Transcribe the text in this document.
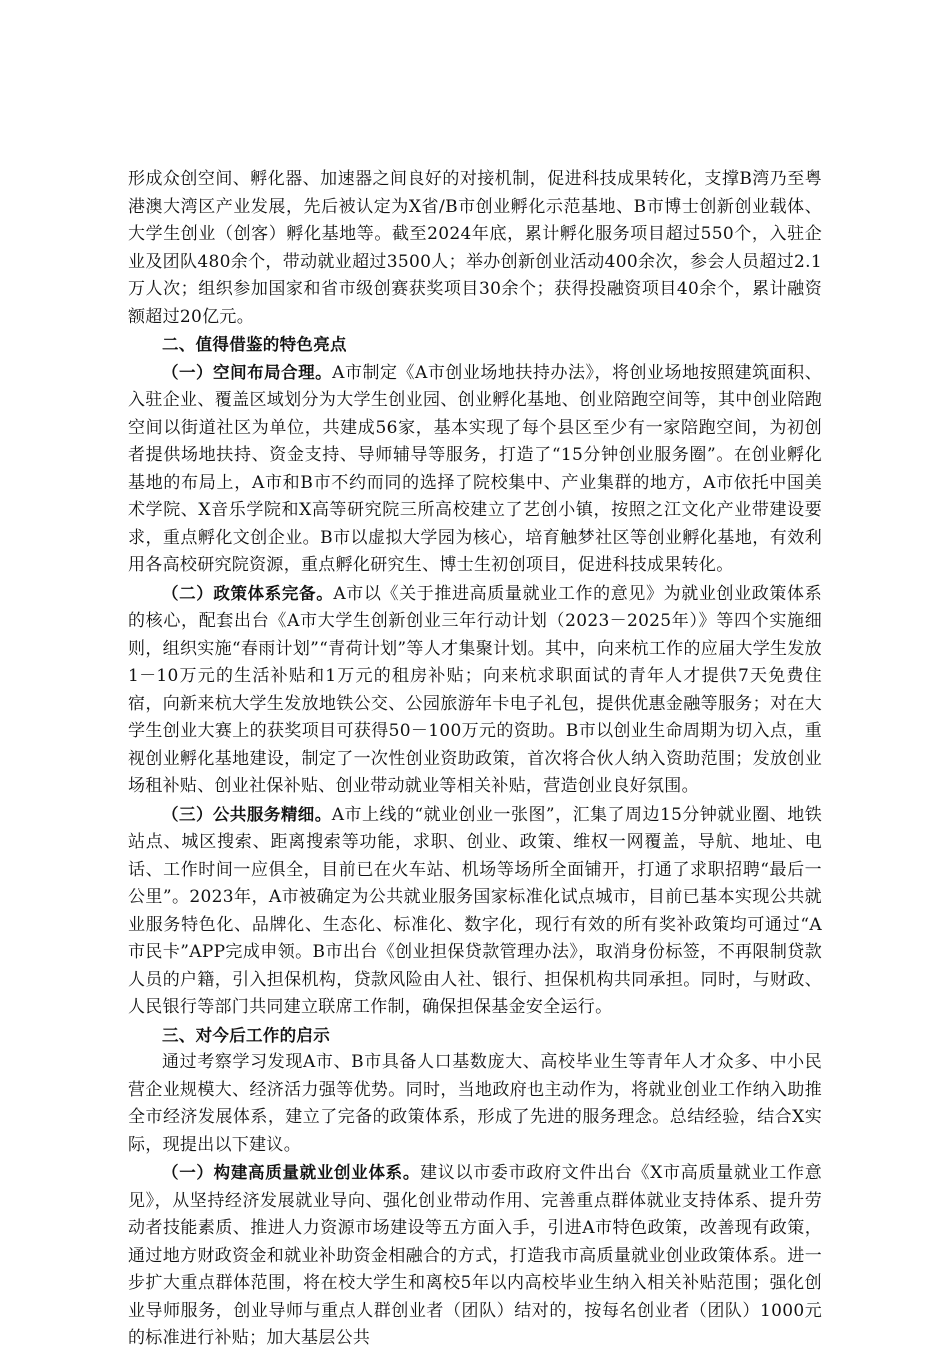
形成众创空间、孵化器、加速器之间良好的对接机制，促进科技成果转化，支撑B湾乃至粤港澳大湾区产业发展，先后被认定为X省/B市创业孵化示范基地、B市博士创新创业载体、大学生创业（创客）孵化基地等。截至2024年底，累计孵化服务项目超过550个，入驻企业及团队480余个，带动就业超过3500人；举办创新创业活动400余次，参会人员超过2.1万人次；组织参加国家和省市级创赛获奖项目30余个；获得投融资项目40余个，累计融资额超过20亿元。

二、值得借鉴的特色亮点

（一）空间布局合理。A市制定《A市创业场地扶持办法》，将创业场地按照建筑面积、入驻企业、覆盖区域划分为大学生创业园、创业孵化基地、创业陪跑空间等，其中创业陪跑空间以街道社区为单位，共建成56家，基本实现了每个县区至少有一家陪跑空间，为初创者提供场地扶持、资金支持、导师辅导等服务，打造了“15分钟创业服务圈”。在创业孵化基地的布局上，A市和B市不约而同的选择了院校集中、产业集群的地方，A市依托中国美术学院、X音乐学院和X高等研究院三所高校建立了艺创小镇，按照之江文化产业带建设要求，重点孵化文创企业。B市以虚拟大学园为核心，培育触梦社区等创业孵化基地，有效利用各高校研究院资源，重点孵化研究生、博士生初创项目，促进科技成果转化。

（二）政策体系完备。A市以《关于推进高质量就业工作的意见》为就业创业政策体系的核心，配套出台《A市大学生创新创业三年行动计划（2023－2025年）》等四个实施细则，组织实施“春雨计划”“青荷计划”等人才集聚计划。其中，向来杭工作的应届大学生发放1－10万元的生活补贴和1万元的租房补贴；向来杭求职面试的青年人才提供7天免费住宿，向新来杭大学生发放地铁公交、公园旅游年卡电子礼包，提供优惠金融等服务；对在大学生创业大赛上的获奖项目可获得50－100万元的资助。B市以创业生命周期为切入点，重视创业孵化基地建设，制定了一次性创业资助政策，首次将合伙人纳入资助范围；发放创业场租补贴、创业社保补贴、创业带动就业等相关补贴，营造创业良好氛围。

（三）公共服务精细。A市上线的“就业创业一张图”，汇集了周边15分钟就业圈、地铁站点、城区搜索、距离搜索等功能，求职、创业、政策、维权一网覆盖，导航、地址、电话、工作时间一应俱全，目前已在火车站、机场等场所全面铺开，打通了求职招聘“最后一公里”。2023年，A市被确定为公共就业服务国家标准化试点城市，目前已基本实现公共就业服务特色化、品牌化、生态化、标准化、数字化，现行有效的所有奖补政策均可通过“A市民卡”APP完成申领。B市出台《创业担保贷款管理办法》，取消身份标签，不再限制贷款人员的户籍，引入担保机构，贷款风险由人社、银行、担保机构共同承担。同时，与财政、人民银行等部门共同建立联席工作制，确保担保基金安全运行。

三、对今后工作的启示

通过考察学习发现A市、B市具备人口基数庞大、高校毕业生等青年人才众多、中小民营企业规模大、经济活力强等优势。同时，当地政府也主动作为，将就业创业工作纳入助推全市经济发展体系，建立了完备的政策体系，形成了先进的服务理念。总结经验，结合X实际，现提出以下建议。

（一）构建高质量就业创业体系。建议以市委市政府文件出台《X市高质量就业工作意见》，从坚持经济发展就业导向、强化创业带动作用、完善重点群体就业支持体系、提升劳动者技能素质、推进人力资源市场建设等五方面入手，引进A市特色政策，改善现有政策，通过地方财政资金和就业补助资金相融合的方式，打造我市高质量就业创业政策体系。进一步扩大重点群体范围，将在校大学生和离校5年以内高校毕业生纳入相关补贴范围；强化创业导师服务，创业导师与重点人群创业者（团队）结对的，按每名创业者（团队）1000元的标准进行补贴；加大基层公共
